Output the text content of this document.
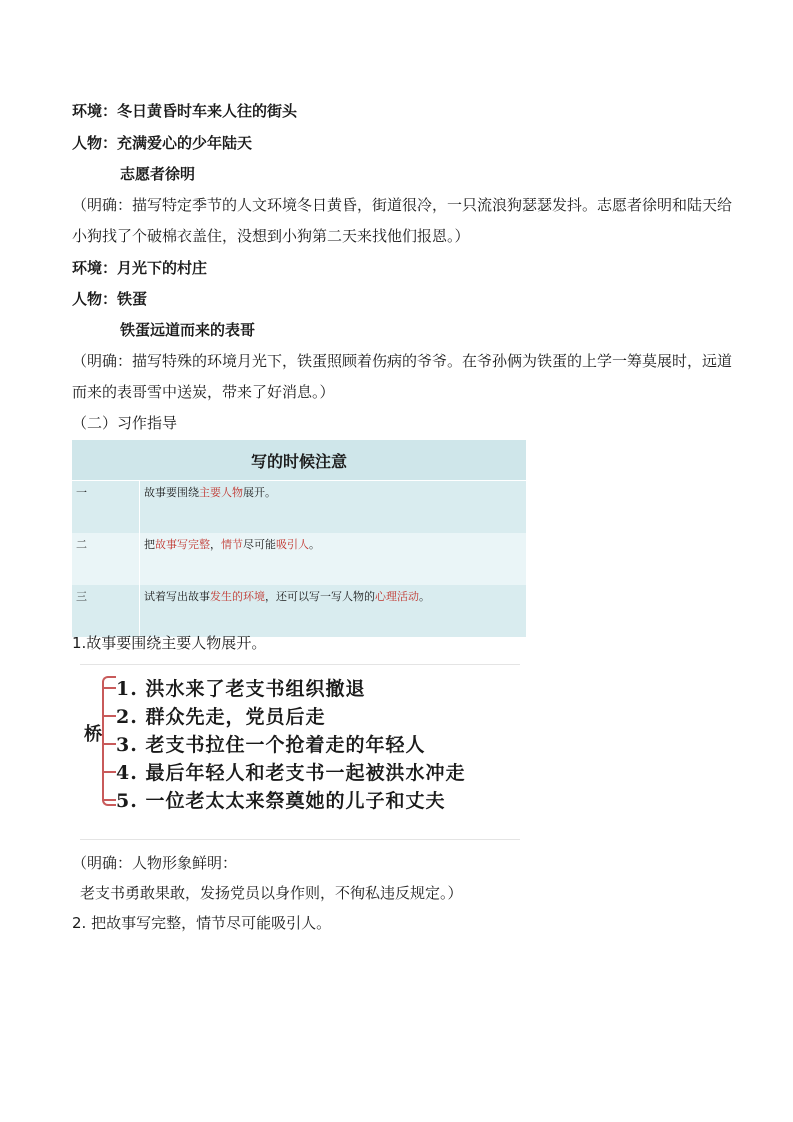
环境：冬日黄昏时车来人往的街头
人物：充满爱心的少年陆天
志愿者徐明
（明确：描写特定季节的人文环境冬日黄昏，街道很冷，一只流浪狗瑟瑟发抖。志愿者徐明和陆天给小狗找了个破棉衣盖住，没想到小狗第二天来找他们报恩。）
环境：月光下的村庄
人物：铁蛋
铁蛋远道而来的表哥
（明确：描写特殊的环境月光下，铁蛋照顾着伤病的爷爷。在爷孙俩为铁蛋的上学一筹莫展时，远道而来的表哥雪中送炭，带来了好消息。）
（二）习作指导
写的时候注意	
一	故事要围绕主要人物展开。
二	把故事写完整，情节尽可能吸引人。
三	试着写出故事发生的环境，还可以写一写人物的心理活动。
1.故事要围绕主要人物展开。
桥
1. 洪水来了老支书组织撤退
2. 群众先走，党员后走
3. 老支书拉住一个抢着走的年轻人
4. 最后年轻人和老支书一起被洪水冲走
5. 一位老太太来祭奠她的儿子和丈夫
（明确：人物形象鲜明：
老支书勇敢果敢，发扬党员以身作则，不徇私违反规定。）
2. 把故事写完整，情节尽可能吸引人。
